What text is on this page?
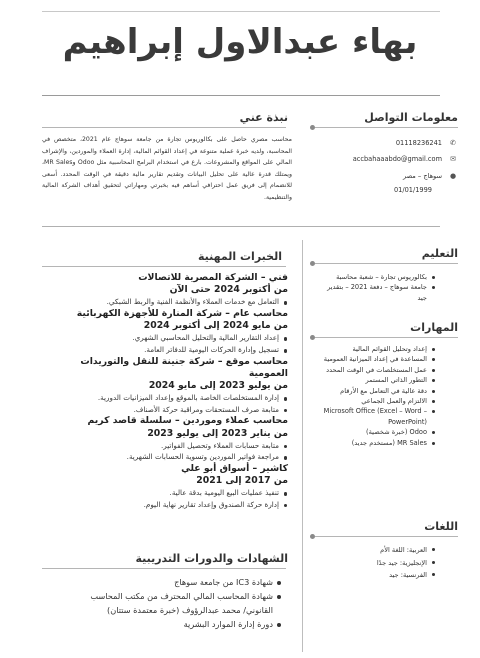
بهاء عبدالاول إبراهيم
معلومات التواصل
✆
01118236241
✉
accbahaaabdo@gmail.com
●
سوهاج – مصر
01/01/1999
نبذة عني
محاسب مصري حاصل على بكالوريوس تجارة من جامعة سوهاج عام 2021، متخصص في المحاسبة، ولديه خبرة عملية متنوعة في إعداد القوائم المالية، إدارة العملاء والموردين، والإشراف المالي على المواقع والمشروعات. بارع في استخدام البرامج المحاسبية مثل Odoo وMR Sales، ويمتلك قدرة عالية على تحليل البيانات وتقديم تقارير مالية دقيقة في الوقت المحدد. أسعى للانضمام إلى فريق عمل احترافي أساهم فيه بخبرتي ومهاراتي لتحقيق أهداف الشركة المالية والتنظيمية.
الخبرات المهنية
فني – الشركة المصرية للاتصالات
من أكتوبر 2024 حتى الآن
التعامل مع خدمات العملاء والأنظمة الفنية والربط الشبكي.
محاسب عام – شركة المنارة للأجهزة الكهربائية
من مايو 2024 إلى أكتوبر 2024
إعداد التقارير المالية والتحليل المحاسبي الشهري.
تسجيل وإدارة الحركات اليومية للدفاتر العامة.
محاسب موقع – شركة جنينة للنقل والتوريدات العمومية
من يوليو 2023 إلى مايو 2024
إدارة المستخلصات الخاصة بالموقع وإعداد الميزانيات الدورية.
متابعة صرف المستحقات ومراقبة حركة الأصناف.
محاسب عملاء وموردين – سلسلة قاصد كريم
من يناير 2023 إلى يوليو 2023
متابعة حسابات العملاء وتحصيل الفواتير.
مراجعة فواتير الموردين وتسوية الحسابات الشهرية.
كاشير – أسواق أبو علي
من 2017 إلى 2021
تنفيذ عمليات البيع اليومية بدقة عالية.
إدارة حركة الصندوق وإعداد تقارير نهاية اليوم.
الشهادات والدورات التدريبية
شهادة IC3 من جامعة سوهاج
شهادة المحاسب المالي المحترف من مكتب المحاسب القانوني/ محمد عبدالرؤوف (خبرة معتمدة ستتان)
دورة إدارة الموارد البشرية
التعليم
بكالوريوس تجارة – شعبة محاسبة
جامعة سوهاج – دفعة 2021 – بتقدير جيد
المهارات
إعداد وتحليل القوائم المالية
المساعدة في إعداد الميزانية العمومية
عمل المستخلصات في الوقت المحدد
التطور الذاتي المستمر
دقة عالية في التعامل مع الأرقام
الالتزام والعمل الجماعي
Microsoft Office (Excel – Word – PowerPoint)
Odoo (خبرة شخصية)
MR Sales (مستخدم جديد)
اللغات
العربية: اللغة الأم
الإنجليزية: جيد جدًا
الفرنسية: جيد
